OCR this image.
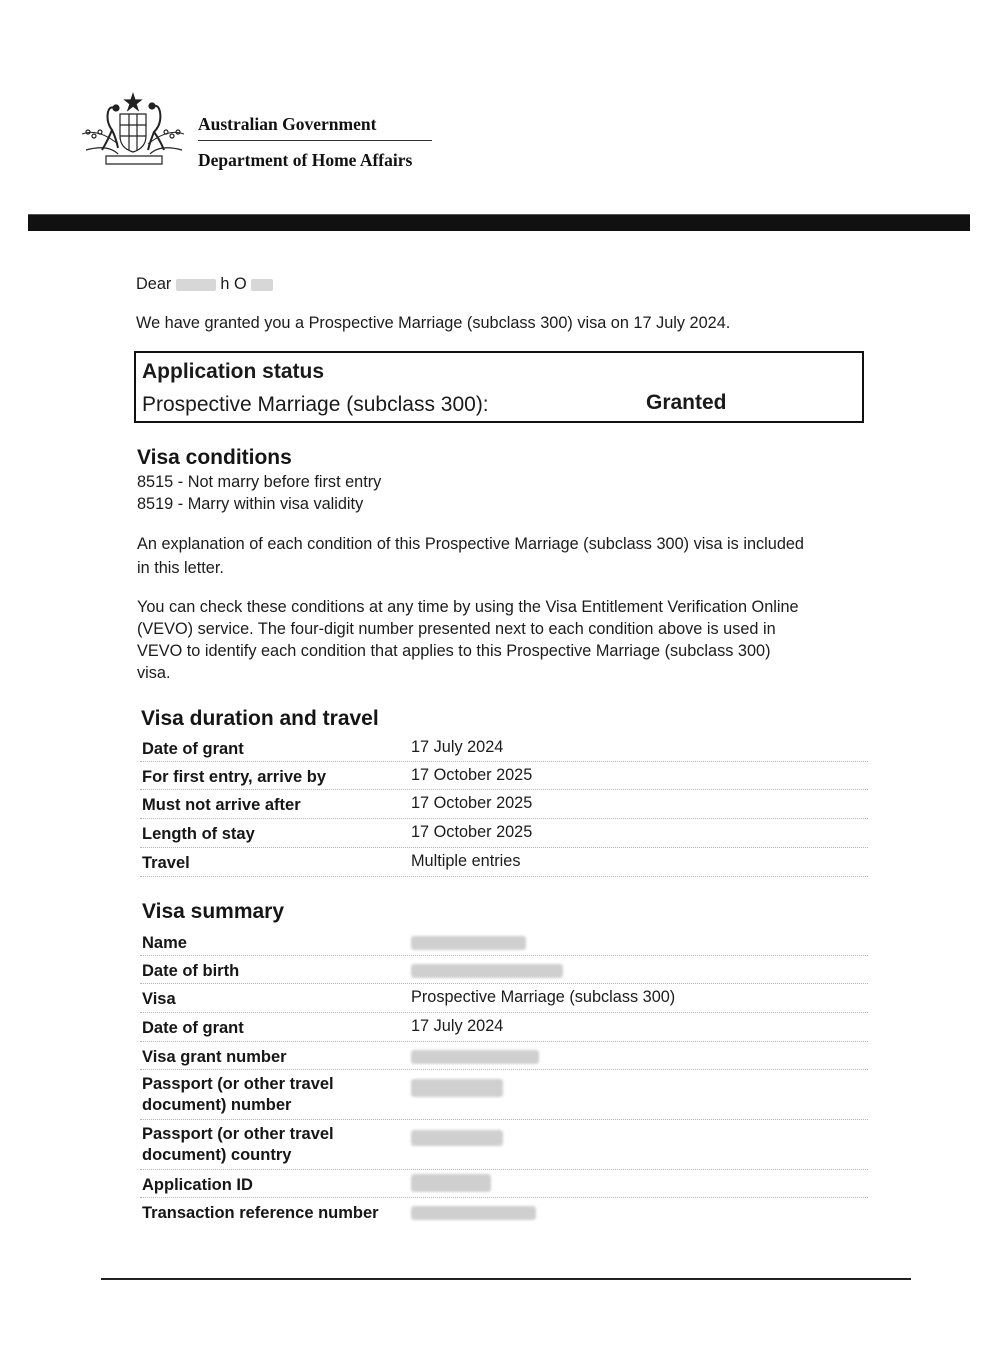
Australian Government
Department of Home Affairs
Dear	h O
We have granted you a Prospective Marriage (subclass 300) visa on 17 July 2024.
Application status
Prospective Marriage (subclass 300):	Granted
Visa conditions
8515 - Not marry before first entry
8519 - Marry within visa validity
An explanation of each condition of this Prospective Marriage (subclass 300) visa is included
in this letter.
You can check these conditions at any time by using the Visa Entitlement Verification Online
(VEVO) service. The four-digit number presented next to each condition above is used in
VEVO to identify each condition that applies to this Prospective Marriage (subclass 300)
visa.
Visa duration and travel
Date of grant	17 July 2024
For first entry, arrive by	17 October 2025
Must not arrive after	17 October 2025
Length of stay	17 October 2025
Travel	Multiple entries
Visa summary
Name
Date of birth
Visa	Prospective Marriage (subclass 300)
Date of grant	17 July 2024
Visa grant number
Passport (or other travel
document) number
Passport (or other travel
document) country
Application ID
Transaction reference number
